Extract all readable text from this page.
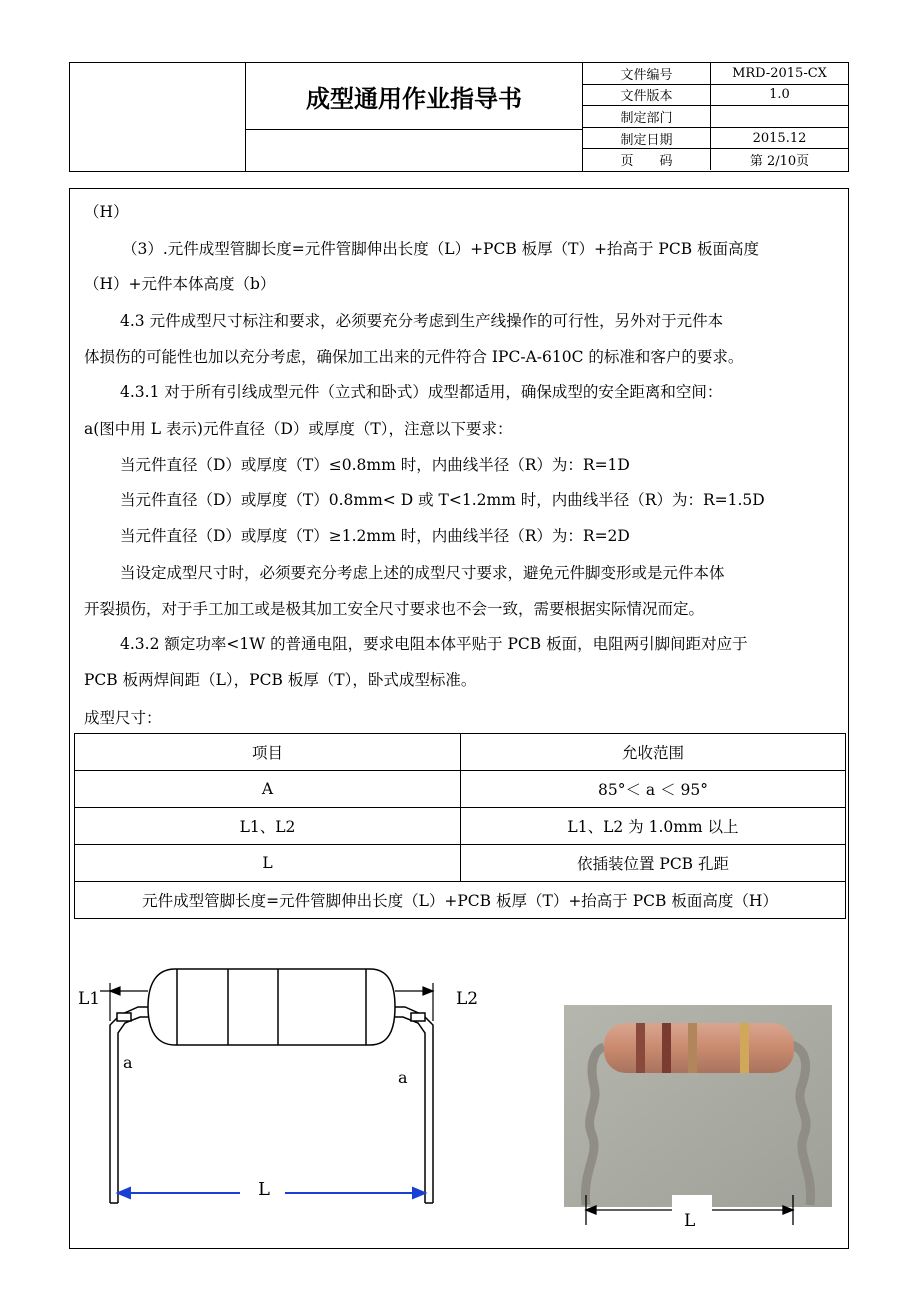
成型通用作业指导书
文件编号	MRD-2015-CX
文件版本	1.0
制定部门	
制定日期	2015.12
页　　码	第 2/10页
（H）
（3）.元件成型管脚长度=元件管脚伸出长度（L）+PCB 板厚（T）+抬高于 PCB 板面高度
（H）+元件本体高度（b）
4.3 元件成型尺寸标注和要求，必须要充分考虑到生产线操作的可行性，另外对于元件本
体损伤的可能性也加以充分考虑，确保加工出来的元件符合 IPC-A-610C 的标准和客户的要求。
4.3.1 对于所有引线成型元件（立式和卧式）成型都适用，确保成型的安全距离和空间：
a(图中用 L 表示)元件直径（D）或厚度（T），注意以下要求：
当元件直径（D）或厚度（T）≤0.8mm 时，内曲线半径（R）为：R=1D
当元件直径（D）或厚度（T）0.8mm< D 或 T<1.2mm 时，内曲线半径（R）为：R=1.5D
当元件直径（D）或厚度（T）≥1.2mm 时，内曲线半径（R）为：R=2D
当设定成型尺寸时，必须要充分考虑上述的成型尺寸要求，避免元件脚变形或是元件本体
开裂损伤，对于手工加工或是极其加工安全尺寸要求也不会一致，需要根据实际情况而定。
4.3.2 额定功率<1W 的普通电阻，要求电阻本体平贴于 PCB 板面，电阻两引脚间距对应于
PCB 板两焊间距（L），PCB 板厚（T），卧式成型标准。
成型尺寸：
项目	允收范围
A	85°＜ a ＜ 95°
L1、L2	L1、L2 为 1.0mm 以上
L	依插装位置 PCB 孔距
元件成型管脚长度=元件管脚伸出长度（L）+PCB 板厚（T）+抬高于 PCB 板面高度（H）	
L1	L2
a
a
L
L
